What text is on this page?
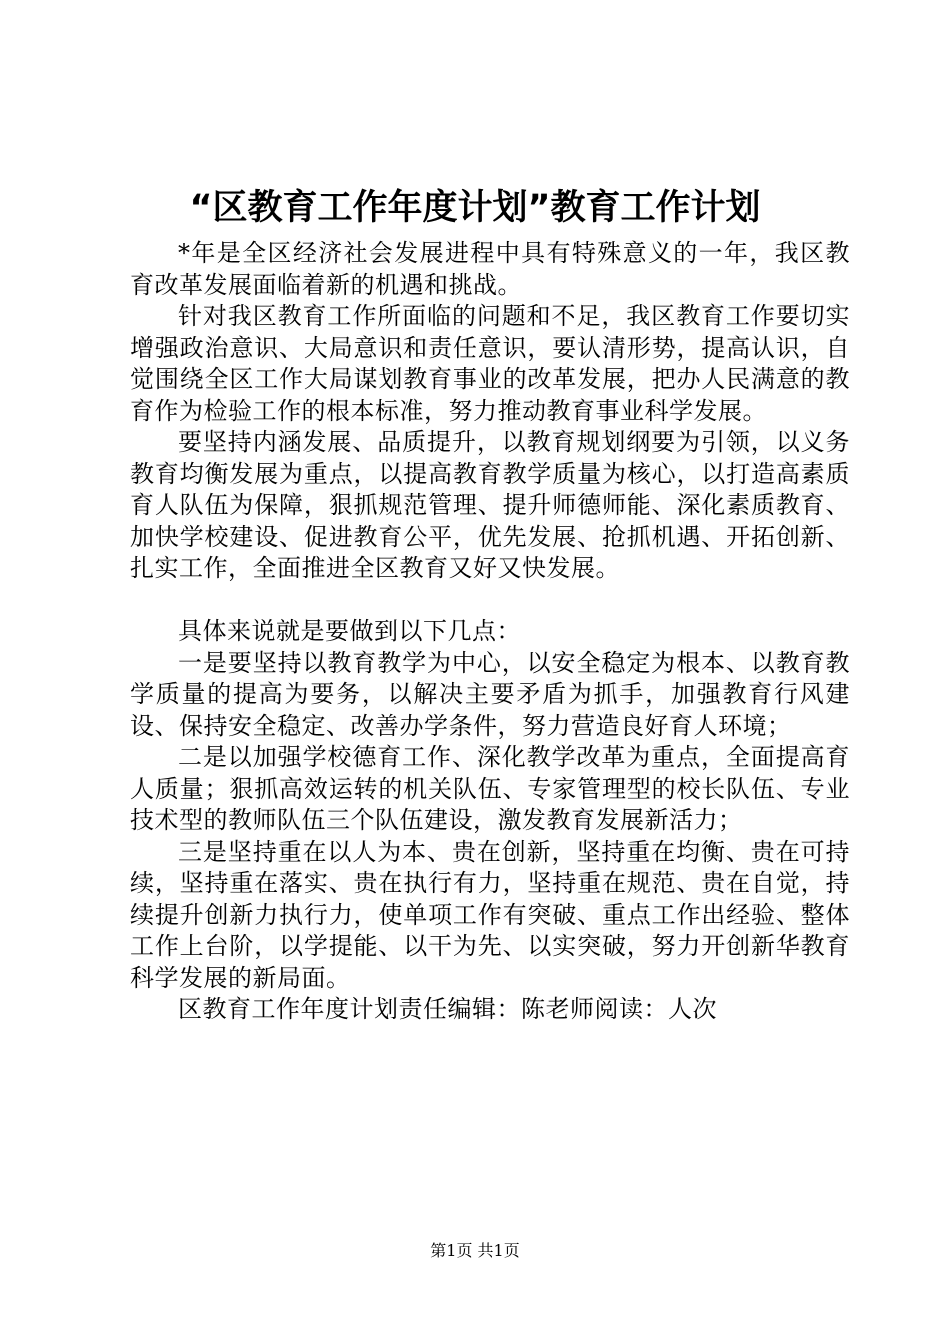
“区教育工作年度计划”教育工作计划

*年是全区经济社会发展进程中具有特殊意义的一年，我区教育改革发展面临着新的机遇和挑战。

针对我区教育工作所面临的问题和不足，我区教育工作要切实增强政治意识、大局意识和责任意识，要认清形势，提高认识，自觉围绕全区工作大局谋划教育事业的改革发展，把办人民满意的教育作为检验工作的根本标准，努力推动教育事业科学发展。

要坚持内涵发展、品质提升，以教育规划纲要为引领，以义务教育均衡发展为重点，以提高教育教学质量为核心，以打造高素质育人队伍为保障，狠抓规范管理、提升师德师能、深化素质教育、加快学校建设、促进教育公平，优先发展、抢抓机遇、开拓创新、扎实工作，全面推进全区教育又好又快发展。

具体来说就是要做到以下几点：

一是要坚持以教育教学为中心，以安全稳定为根本、以教育教学质量的提高为要务，以解决主要矛盾为抓手，加强教育行风建设、保持安全稳定、改善办学条件，努力营造良好育人环境；

二是以加强学校德育工作、深化教学改革为重点，全面提高育人质量；狠抓高效运转的机关队伍、专家管理型的校长队伍、专业技术型的教师队伍三个队伍建设，激发教育发展新活力；

三是坚持重在以人为本、贵在创新，坚持重在均衡、贵在可持续，坚持重在落实、贵在执行有力，坚持重在规范、贵在自觉，持续提升创新力执行力，使单项工作有突破、重点工作出经验、整体工作上台阶，以学提能、以干为先、以实突破，努力开创新华教育科学发展的新局面。

区教育工作年度计划责任编辑：陈老师阅读：人次

第1页 共1页
